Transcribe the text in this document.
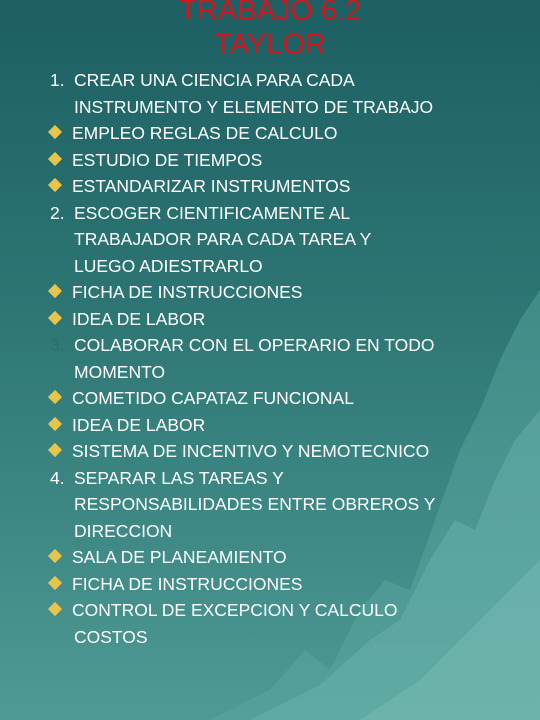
TRABAJO 6.2
TAYLOR
1. CREAR UNA CIENCIA PARA CADA
INSTRUMENTO Y ELEMENTO DE TRABAJO
EMPLEO REGLAS DE CALCULO
ESTUDIO DE TIEMPOS
ESTANDARIZAR INSTRUMENTOS
2. ESCOGER CIENTIFICAMENTE AL
TRABAJADOR PARA CADA TAREA Y
LUEGO ADIESTRARLO
FICHA DE INSTRUCCIONES
IDEA DE LABOR
3. COLABORAR CON EL OPERARIO EN TODO
MOMENTO
COMETIDO CAPATAZ FUNCIONAL
IDEA DE LABOR
SISTEMA DE INCENTIVO Y NEMOTECNICO
4. SEPARAR LAS TAREAS Y
RESPONSABILIDADES ENTRE OBREROS Y
DIRECCION
SALA DE PLANEAMIENTO
FICHA DE INSTRUCCIONES
CONTROL DE EXCEPCION Y CALCULO
COSTOS
